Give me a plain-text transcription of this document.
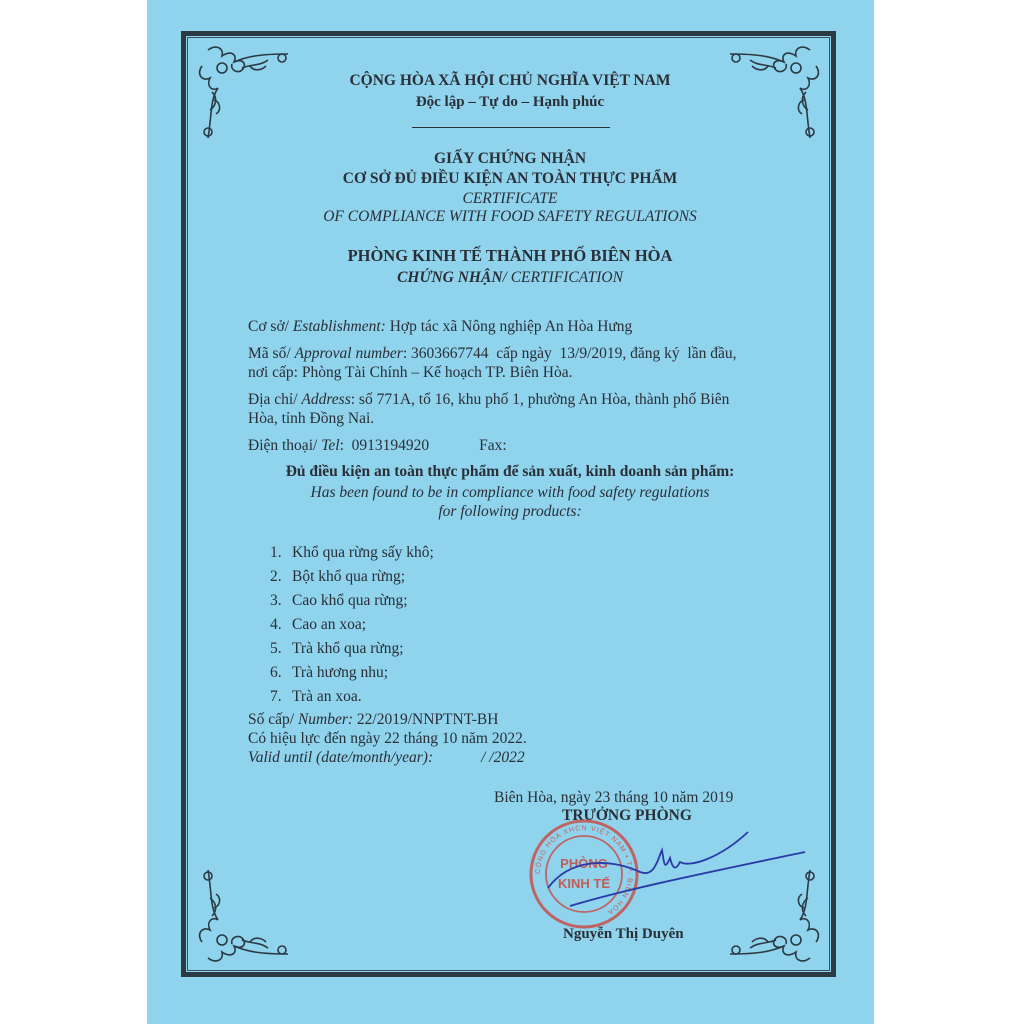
CỘNG HÒA XÃ HỘI CHỦ NGHĨA VIỆT NAM
Độc lập – Tự do – Hạnh phúc
GIẤY CHỨNG NHẬN
CƠ SỞ ĐỦ ĐIỀU KIỆN AN TOÀN THỰC PHẨM
CERTIFICATE
OF COMPLIANCE WITH FOOD SAFETY REGULATIONS
PHÒNG KINH TẾ THÀNH PHỐ BIÊN HÒA
CHỨNG NHẬN/ CERTIFICATION
Cơ sở/ Establishment: Hợp tác xã Nông nghiệp An Hòa Hưng
Mã số/ Approval number: 3603667744  cấp ngày  13/9/2019, đăng ký  lần đầu,
nơi cấp: Phòng Tài Chính – Kế hoạch TP. Biên Hòa.
Địa chỉ/ Address: số 771A, tổ 16, khu phố 1, phường An Hòa, thành phố Biên
Hòa, tỉnh Đồng Nai.
Điện thoại/ Tel:  0913194920	Fax:
Đủ điều kiện an toàn thực phẩm để sản xuất, kinh doanh sản phẩm:
Has been found to be in compliance with food safety regulations
for following products:
1. Khổ qua rừng sấy khô;
2. Bột khổ qua rừng;
3. Cao khổ qua rừng;
4. Cao an xoa;
5. Trà khổ qua rừng;
6. Trà hương nhu;
7. Trà an xoa.
Số cấp/ Number: 22/2019/NNPTNT-BH
Có hiệu lực đến ngày 22 tháng 10 năm 2022.
Valid until (date/month/year):	/ /2022
Biên Hòa, ngày 23 tháng 10 năm 2019
TRƯỞNG PHÒNG
PHÒNG
KINH TẾ
CỘNG HÒA XHCN VIỆT NAM • TP. BIÊN HÒA
Nguyễn Thị Duyên
